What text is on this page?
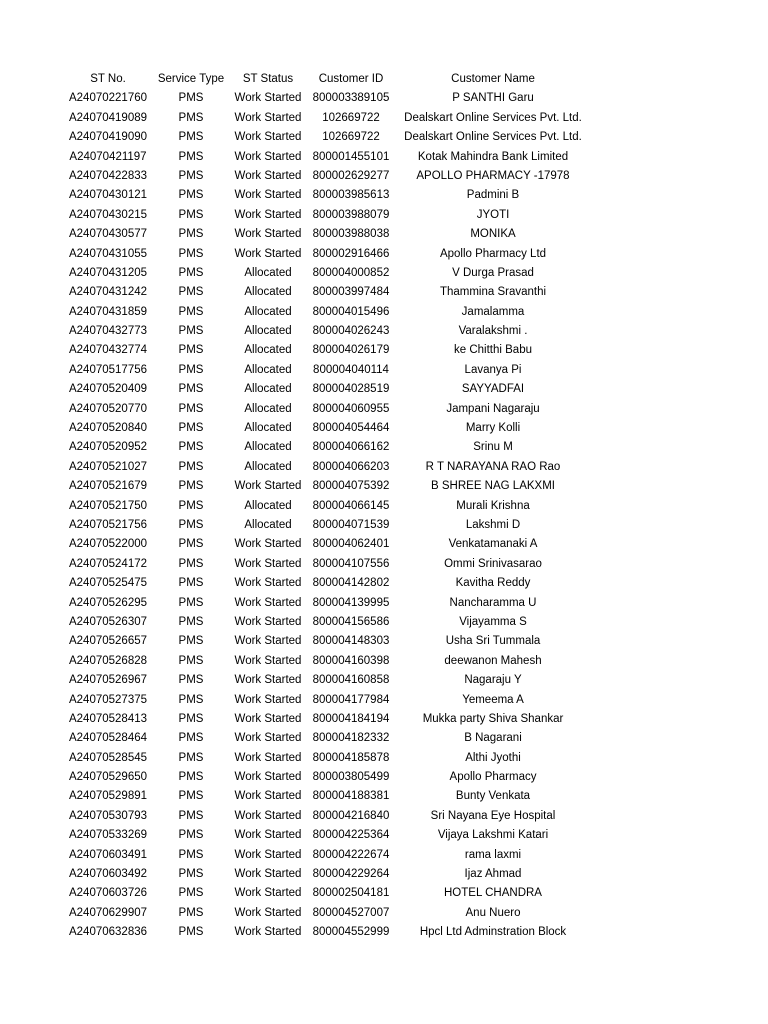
ST No.	Service Type	ST Status	Customer ID	Customer Name
A24070221760	PMS	Work Started 800003389105	P SANTHI Garu
A24070419089	PMS	Work Started	102669722	Dealskart Online Services Pvt. Ltd.
A24070419090	PMS	Work Started	102669722	Dealskart Online Services Pvt. Ltd.
A24070421197	PMS	Work Started 800001455101	Kotak Mahindra Bank Limited
A24070422833	PMS	Work Started 800002629277	APOLLO PHARMACY -17978
A24070430121	PMS	Work Started 800003985613	Padmini B
A24070430215	PMS	Work Started 800003988079	JYOTI
A24070430577	PMS	Work Started 800003988038	MONIKA
A24070431055	PMS	Work Started 800002916466	Apollo Pharmacy Ltd
A24070431205	PMS	Allocated	800004000852	V Durga Prasad
A24070431242	PMS	Allocated	800003997484	Thammina Sravanthi
A24070431859	PMS	Allocated	800004015496	Jamalamma
A24070432773	PMS	Allocated	800004026243	Varalakshmi .
A24070432774	PMS	Allocated	800004026179	ke Chitthi Babu
A24070517756	PMS	Allocated	800004040114	Lavanya Pi
A24070520409	PMS	Allocated	800004028519	SAYYADFAI
A24070520770	PMS	Allocated	800004060955	Jampani Nagaraju
A24070520840	PMS	Allocated	800004054464	Marry Kolli
A24070520952	PMS	Allocated	800004066162	Srinu M
A24070521027	PMS	Allocated	800004066203	R T NARAYANA RAO Rao
A24070521679	PMS	Work Started 800004075392	B SHREE NAG LAKXMI
A24070521750	PMS	Allocated	800004066145	Murali Krishna
A24070521756	PMS	Allocated	800004071539	Lakshmi D
A24070522000	PMS	Work Started 800004062401	Venkatamanaki A
A24070524172	PMS	Work Started 800004107556	Ommi Srinivasarao
A24070525475	PMS	Work Started 800004142802	Kavitha Reddy
A24070526295	PMS	Work Started 800004139995	Nancharamma U
A24070526307	PMS	Work Started 800004156586	Vijayamma S
A24070526657	PMS	Work Started 800004148303	Usha Sri Tummala
A24070526828	PMS	Work Started 800004160398	deewanon Mahesh
A24070526967	PMS	Work Started 800004160858	Nagaraju Y
A24070527375	PMS	Work Started 800004177984	Yemeema A
A24070528413	PMS	Work Started 800004184194	Mukka party Shiva Shankar
A24070528464	PMS	Work Started 800004182332	B Nagarani
A24070528545	PMS	Work Started 800004185878	Althi Jyothi
A24070529650	PMS	Work Started 800003805499	Apollo Pharmacy
A24070529891	PMS	Work Started 800004188381	Bunty Venkata
A24070530793	PMS	Work Started 800004216840	Sri Nayana Eye Hospital
A24070533269	PMS	Work Started 800004225364	Vijaya Lakshmi Katari
A24070603491	PMS	Work Started 800004222674	rama laxmi
A24070603492	PMS	Work Started 800004229264	Ijaz Ahmad
A24070603726	PMS	Work Started 800002504181	HOTEL CHANDRA
A24070629907	PMS	Work Started 800004527007	Anu Nuero
A24070632836	PMS	Work Started 800004552999	Hpcl Ltd Adminstration Block
